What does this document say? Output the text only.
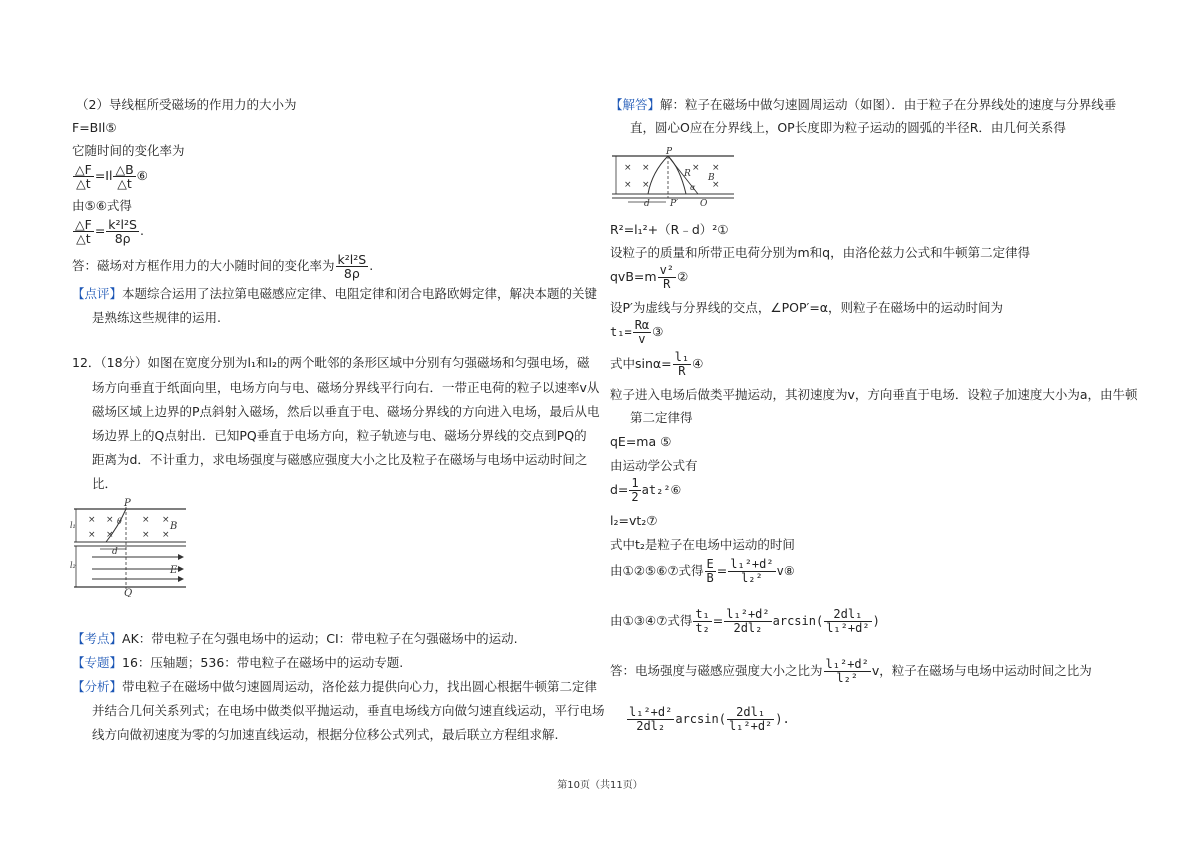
（2）导线框所受磁场的作用力的大小为
F=BIl⑤
它随时间的变化率为
$\frac{\triangle F}{\triangle t} =Il \frac{\triangle B}{\triangle t}$ ⑥
由⑤⑥式得
$\frac{\triangle F}{\triangle t} = \frac{\text{k²l²S}}{8\rho}$ .
答：磁场对方框作用力的大小随时间的变化率为 $\frac{\text{k²l²S}}{8\rho}$ .
【点评】本题综合运用了法拉第电磁感应定律、电阻定律和闭合电路欧姆定律，解决本题的关键
是熟练这些规律的运用.
12．（18分）如图在宽度分别为l₁和l₂的两个毗邻的条形区域中分别有匀强磁场和匀强电场，磁
场方向垂直于纸面向里，电场方向与电、磁场分界线平行向右．一带正电荷的粒子以速率v从
磁场区域上边界的P点斜射入磁场，然后以垂直于电、磁场分界线的方向进入电场，最后从电
场边界上的Q点射出．已知PQ垂直于电场方向，粒子轨迹与电、磁场分界线的交点到PQ的
距离为d．不计重力，求电场强度与磁感应强度大小之比及粒子在磁场与电场中运动时间之
比．
× ×	× ×
× ×	× ×
P
θ	B
d
E
Q
l₁
l₂
【考点】AK：带电粒子在匀强电场中的运动；CI：带电粒子在匀强磁场中的运动.
【专题】16：压轴题；536：带电粒子在磁场中的运动专题.
【分析】带电粒子在磁场中做匀速圆周运动，洛伦兹力提供向心力，找出圆心根据牛顿第二定律
并结合几何关系列式；在电场中做类似平抛运动，垂直电场线方向做匀速直线运动，平行电场
线方向做初速度为零的匀加速直线运动，根据分位移公式列式，最后联立方程组求解.
【解答】解：粒子在磁场中做匀速圆周运动（如图）．由于粒子在分界线处的速度与分界线垂
直，圆心O应在分界线上，OP长度即为粒子运动的圆弧的半径R．由几何关系得
× ×	× ×
× ×	×
P
R B
O
P′
d
α
R²=l₁²+（R﹣d）²①
设粒子的质量和所带正电荷分别为m和q，由洛伦兹力公式和牛顿第二定律得
$qvB=m \frac{\text{v²}}{R}$ ②
设P′为虚线与分界线的交点，∠POP′=α，则粒子在磁场中的运动时间为
$t_1= \frac{R\alpha}{v}$ ③
式中$\sin\alpha= \frac{\text{l₁}}{R}$ ④
粒子进入电场后做类平抛运动，其初速度为v，方向垂直于电场．设粒子加速度大小为a，由牛顿
第二定律得
qE=ma ⑤
由运动学公式有
$d= \frac{1}{2}$ at₂²⑥
l₂=vt₂⑦
式中t₂是粒子在电场中运动的时间
由①②⑤⑥⑦式得 $\frac{E}{B} = \frac{\text{l₁²+d²}}{\text{l₂²}}$ v⑧
由①③④⑦式得 $\frac{\text{t₁}}{\text{t₂}} = \frac{\text{l₁²+d²}}{\text{2dl₂}} \arcsin( \frac{\text{2dl₁}}{\text{l₁²+d²}}$ )
答：电场强度与磁感应强度大小之比为 $\frac{\text{l₁²+d²}}{\text{l₂²}}$ v，粒子在磁场与电场中运动时间之比为
$\frac{\text{l₁²+d²}}{\text{2dl₂}} \arcsin( \frac{\text{2dl₁}}{\text{l₁²+d²}}$ ).
第10页（共11页）
